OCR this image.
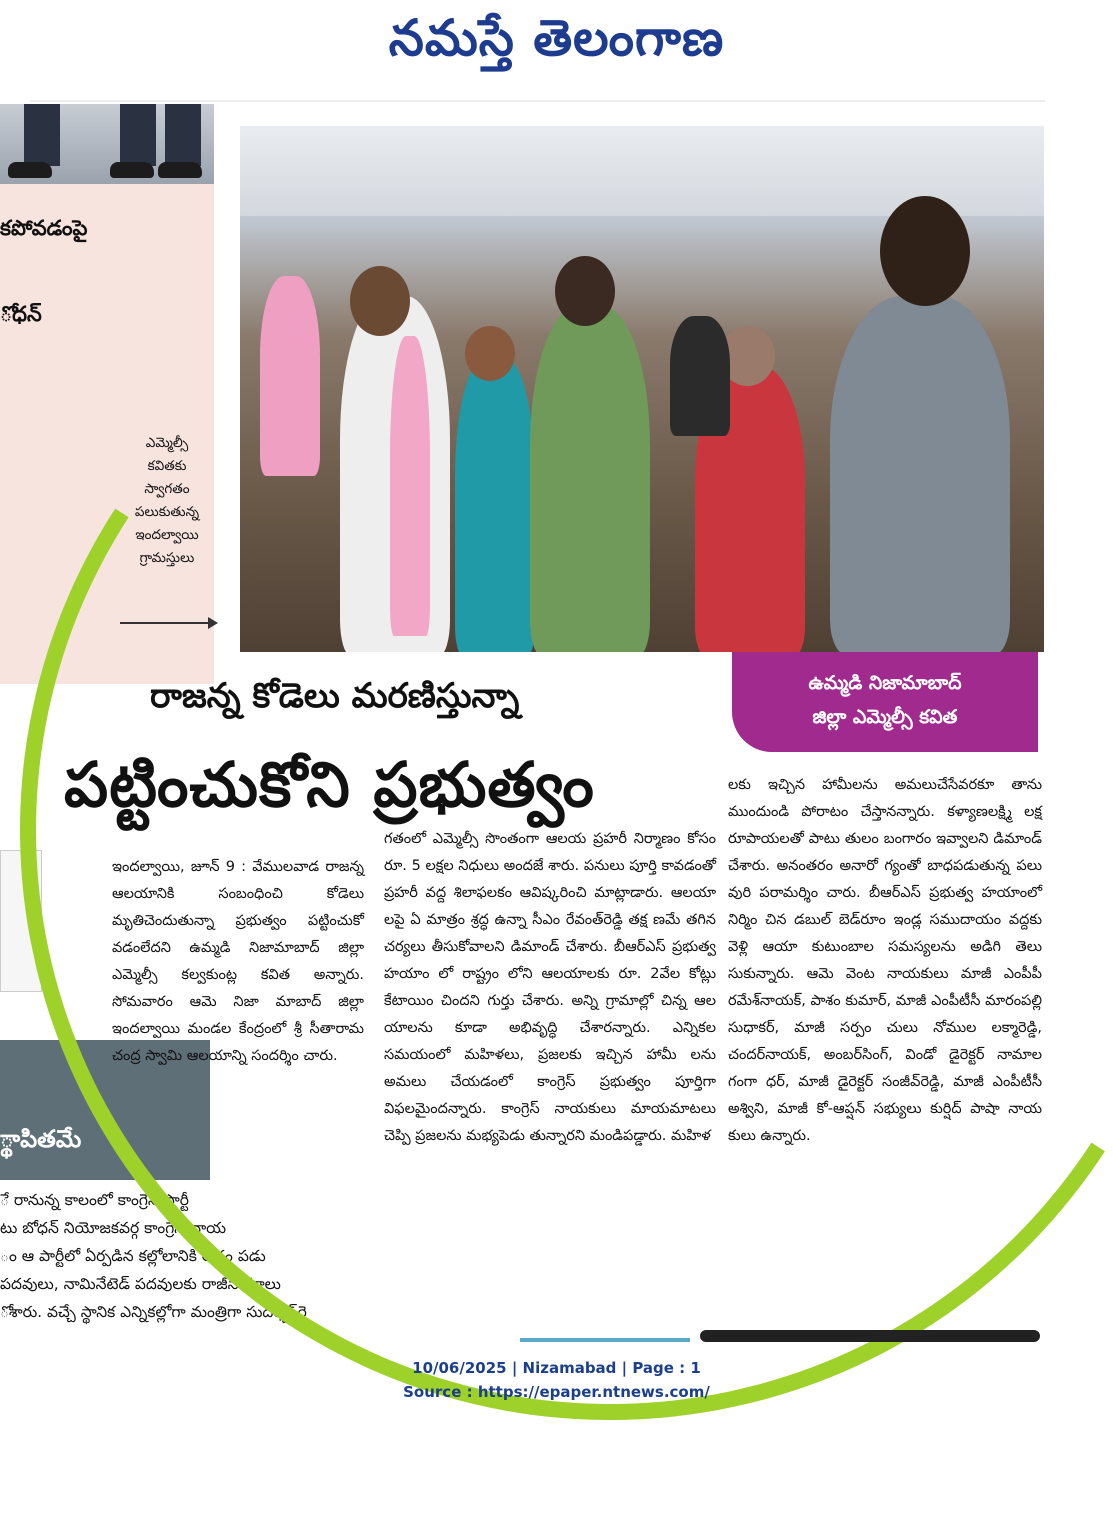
నమస్తే తెలంగాణ
కపోవడంపై
ోధన్
్థాపితమే
ే రానున్న కాలంలో కాంగ్రెస్ పార్టీ
టు బోధన్ నియోజకవర్గ కాంగ్రెస్ నాయ
ం ఆ పార్టీలో ఏర్పడిన కల్లోలానికి అద్దం పడు
పదవులు, నామినేటెడ్ పదవులకు రాజీనామాలు
ోశారు. వచ్చే స్థానిక ఎన్నికల్లోగా మంత్రిగా సుదర్శన్‌రె
ఎమ్మెల్సీ
కవితకు
స్వాగతం
పలుకుతున్న
ఇందల్వాయి
గ్రామస్తులు
ఉమ్మడి నిజామాబాద్
జిల్లా ఎమ్మెల్సీ కవిత
రాజన్న కోడెలు మరణిస్తున్నా
పట్టించుకోని ప్రభుత్వం

ఇందల్వాయి, జూన్ 9 : వేములవాడ రాజన్న ఆలయానికి సంబంధించి కోడెలు మృతిచెందుతున్నా ప్రభుత్వం పట్టించుకో వడంలేదని ఉమ్మడి నిజామాబాద్ జిల్లా ఎమ్మెల్సీ కల్వకుంట్ల కవిత అన్నారు. సోమవారం ఆమె నిజా మాబాద్ జిల్లా ఇందల్వాయి మండల కేంద్రంలో శ్రీ సీతారామ చంద్ర స్వామి ఆలయాన్ని సందర్శిం చారు.

గతంలో ఎమ్మెల్సీ సొంతంగా ఆలయ ప్రహరీ నిర్మాణం కోసం రూ. 5 లక్షల నిధులు అందజే శారు. పనులు పూర్తి కావడంతో ప్రహరీ వద్ద శిలాఫలకం ఆవిష్కరించి మాట్లాడారు. ఆలయా లపై ఏ మాత్రం శ్రద్ధ ఉన్నా సీఎం రేవంత్‌రెడ్డి తక్ష ణమే తగిన చర్యలు తీసుకోవాలని డిమాండ్ చేశారు. బీఆర్ఎస్ ప్రభుత్వ హయాం లో రాష్ట్రం లోని ఆలయాలకు రూ. 2వేల కోట్లు కేటాయిం చిందని గుర్తు చేశారు. అన్ని గ్రామాల్లో చిన్న ఆల యాలను కూడా అభివృద్ధి చేశారన్నారు. ఎన్నికల సమయంలో మహిళలు, ప్రజలకు ఇచ్చిన హామీ లను అమలు చేయడంలో కాంగ్రెస్ ప్రభుత్వం పూర్తిగా విఫలమైందన్నారు. కాంగ్రెస్ నాయకులు మాయమాటలు చెప్పి ప్రజలను మభ్యపెడు తున్నారని మండిపడ్డారు. మహిళ

లకు ఇచ్చిన హామీలను అమలుచేసేవరకూ తాను ముందుండి పోరాటం చేస్తానన్నారు. కళ్యాణలక్ష్మి లక్ష రూపాయలతో పాటు తులం బంగారం ఇవ్వాలని డిమాండ్ చేశారు. అనంతరం అనారో గ్యంతో బాధపడుతున్న పలు వురి పరామర్శిం చారు. బీఆర్ఎస్ ప్రభుత్వ హయాంలో నిర్మిం చిన డబుల్ బెడ్‌రూం ఇండ్ల సముదాయం వద్దకు వెళ్లి ఆయా కుటుంబాల సమస్యలను అడిగి తెలు సుకున్నారు. ఆమె వెంట నాయకులు మాజీ ఎంపీపీ రమేశ్‌నాయక్, పాశం కుమార్, మాజీ ఎంపీటీసీ మారంపల్లి సుధాకర్, మాజీ సర్పం చులు నోముల లక్మారెడ్డి, చందర్‌నాయక్, అంబర్‌సింగ్, విండో డైరెక్టర్ నామాల గంగా ధర్, మాజీ డైరెక్టర్ సంజీవ్‌రెడ్డి, మాజీ ఎంపీటీసీ అశ్విని, మాజీ కో-ఆప్షన్ సభ్యులు కుర్షిద్ పాషా నాయ కులు ఉన్నారు.

10/06/2025 | Nizamabad | Page : 1
Source : https://epaper.ntnews.com/
